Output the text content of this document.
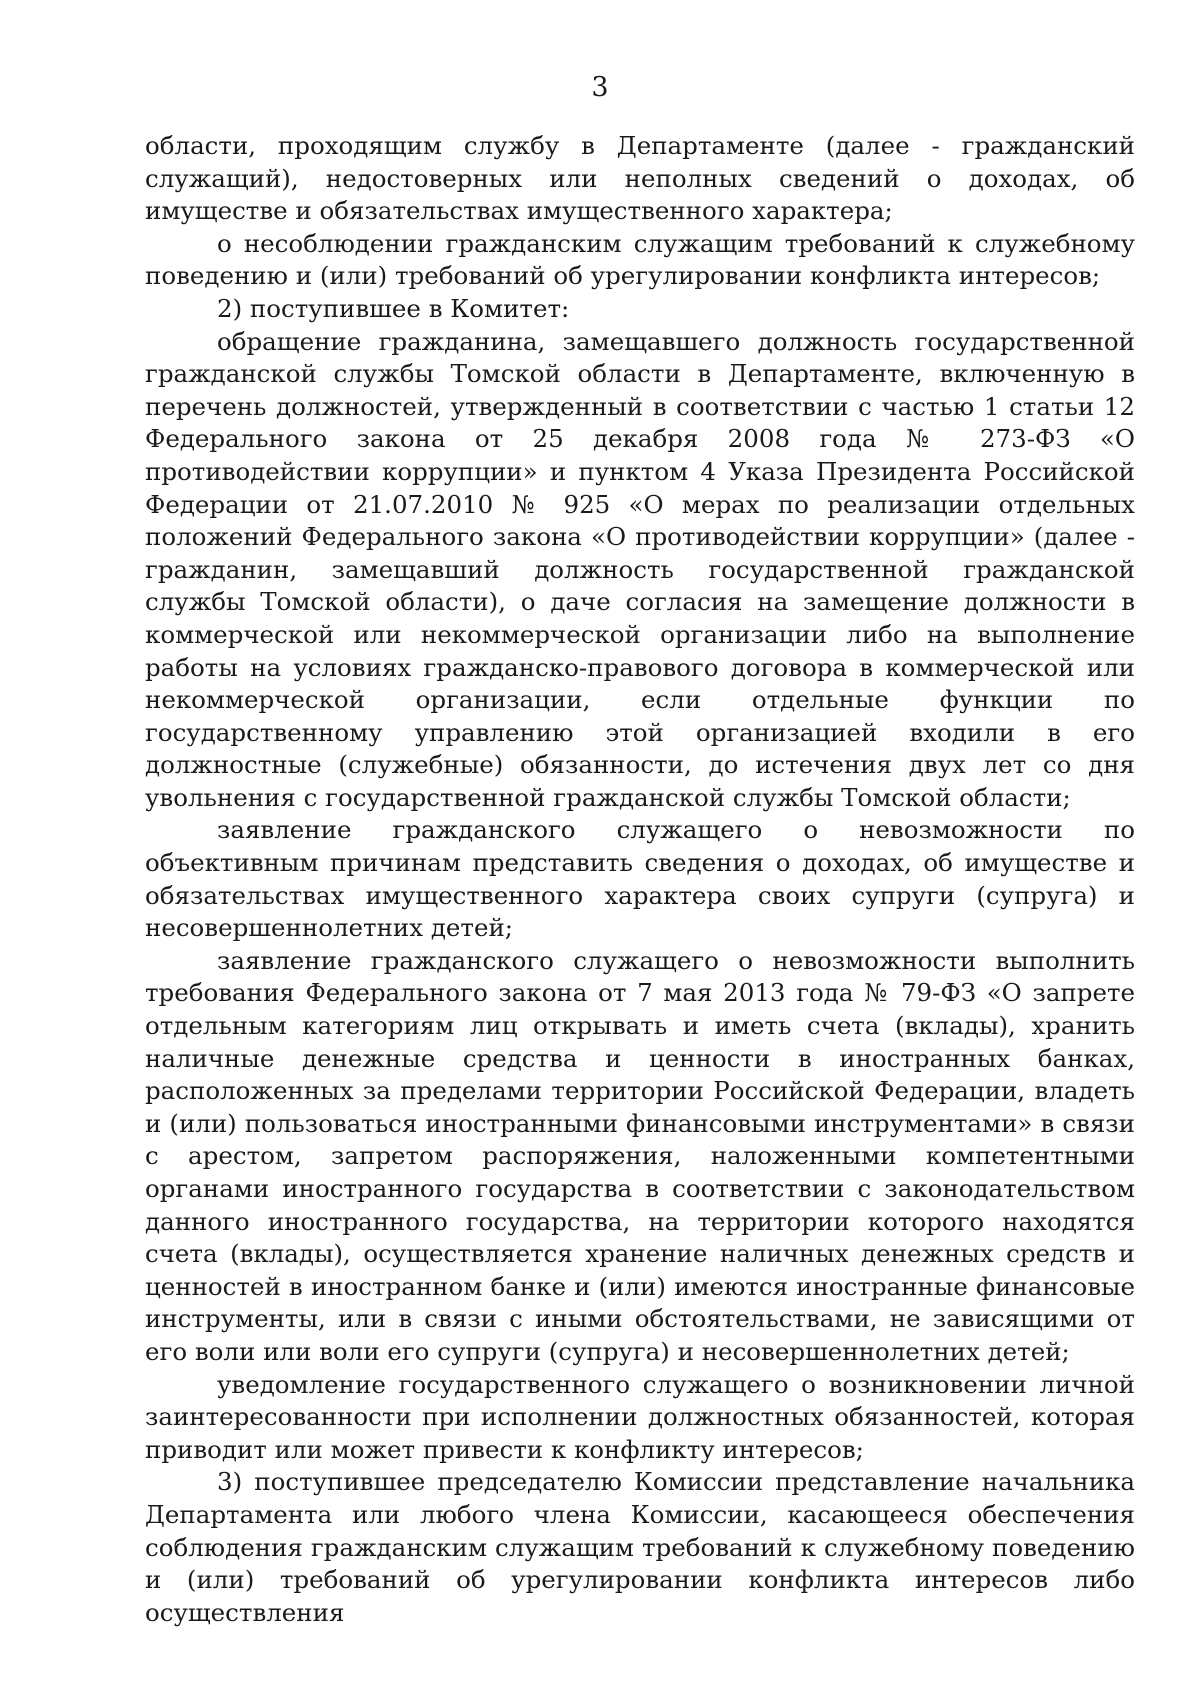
3

области, проходящим службу в Департаменте (далее - гражданский служащий), недостоверных или неполных сведений о доходах, об имуществе и обязательствах имущественного характера;

о несоблюдении гражданским служащим требований к служебному поведению и (или) требований об урегулировании конфликта интересов;

2) поступившее в Комитет:

обращение гражданина, замещавшего должность государственной гражданской службы Томской области в Департаменте, включенную в перечень должностей, утвержденный в соответствии с частью 1 статьи 12 Федерального закона от 25 декабря 2008 года № 273-ФЗ «О противодействии коррупции» и пунктом 4 Указа Президента Российской Федерации от 21.07.2010 № 925 «О мерах по реализации отдельных положений Федерального закона «О противодействии коррупции» (далее - гражданин, замещавший должность государственной гражданской службы Томской области), о даче согласия на замещение должности в коммерческой или некоммерческой организации либо на выполнение работы на условиях гражданско-правового договора в коммерческой или некоммерческой организации, если отдельные функции по государственному управлению этой организацией входили в его должностные (служебные) обязанности, до истечения двух лет со дня увольнения с государственной гражданской службы Томской области;

заявление гражданского служащего о невозможности по объективным причинам представить сведения о доходах, об имуществе и обязательствах имущественного характера своих супруги (супруга) и несовершеннолетних детей;

заявление гражданского служащего о невозможности выполнить требования Федерального закона от 7 мая 2013 года № 79-ФЗ «О запрете отдельным категориям лиц открывать и иметь счета (вклады), хранить наличные денежные средства и ценности в иностранных банках, расположенных за пределами территории Российской Федерации, владеть и (или) пользоваться иностранными финансовыми инструментами» в связи с арестом, запретом распоряжения, наложенными компетентными органами иностранного государства в соответствии с законодательством данного иностранного государства, на территории которого находятся счета (вклады), осуществляется хранение наличных денежных средств и ценностей в иностранном банке и (или) имеются иностранные финансовые инструменты, или в связи с иными обстоятельствами, не зависящими от его воли или воли его супруги (супруга) и несовершеннолетних детей;

уведомление государственного служащего о возникновении личной заинтересованности при исполнении должностных обязанностей, которая приводит или может привести к конфликту интересов;

3) поступившее председателю Комиссии представление начальника Департамента или любого члена Комиссии, касающееся обеспечения соблюдения гражданским служащим требований к служебному поведению и (или) требований об урегулировании конфликта интересов либо осуществления
